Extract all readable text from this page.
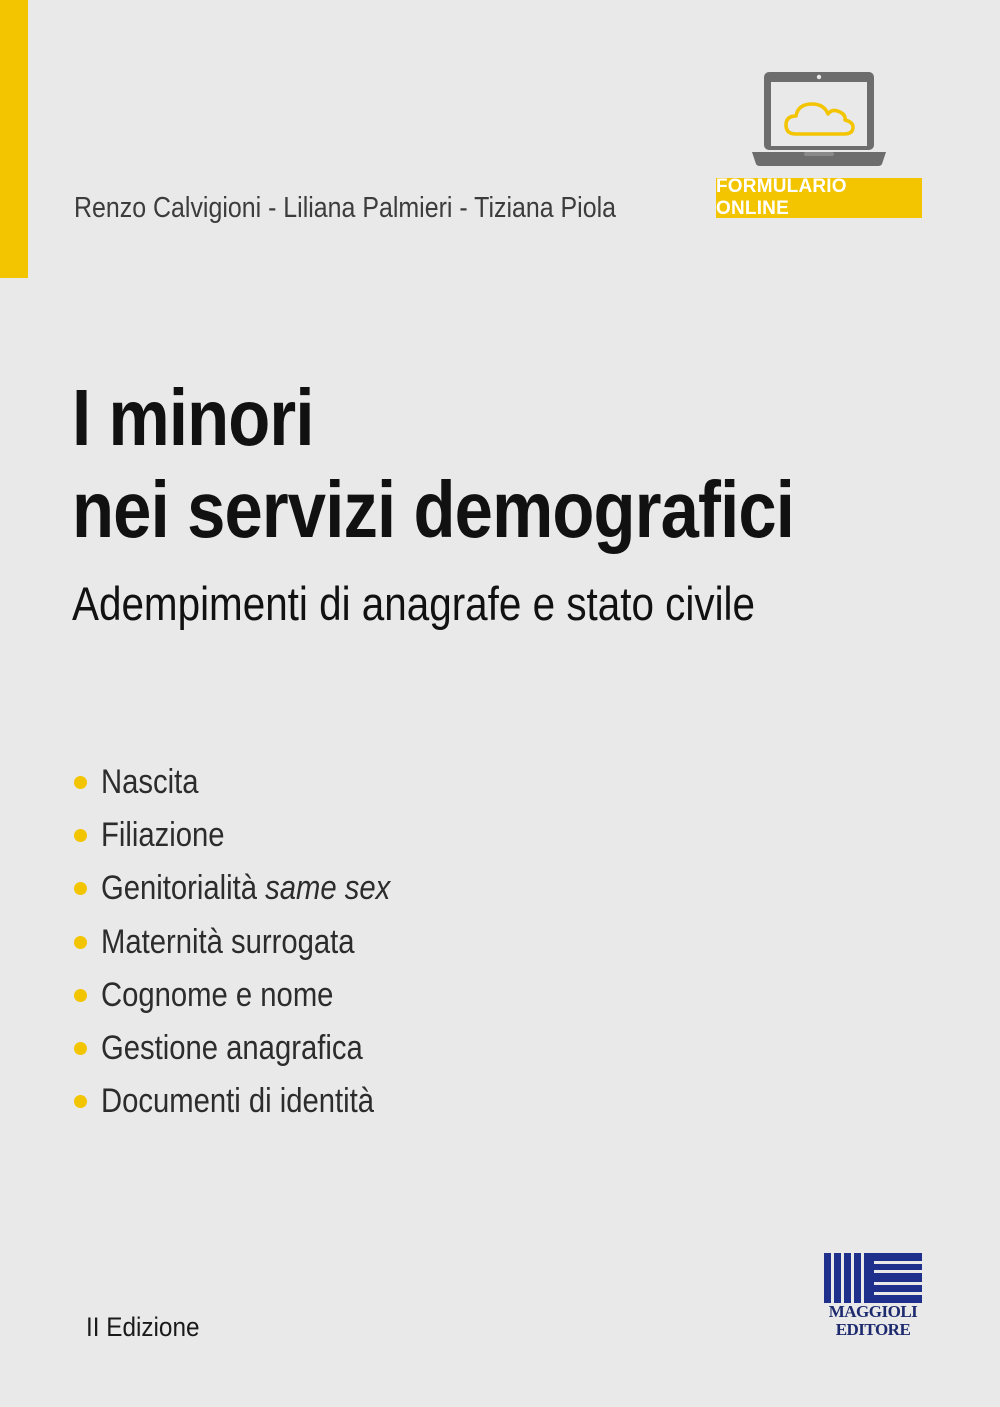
FORMULARIO ONLINE
Renzo Calvigioni - Liliana Palmieri - Tiziana Piola
I minori
nei servizi demografici
Adempimenti di anagrafe e stato civile
Nascita
Filiazione
Genitorialità same sex
Maternità surrogata
Cognome e nome
Gestione anagrafica
Documenti di identità
II Edizione
MAGGIOLI
EDITORE
